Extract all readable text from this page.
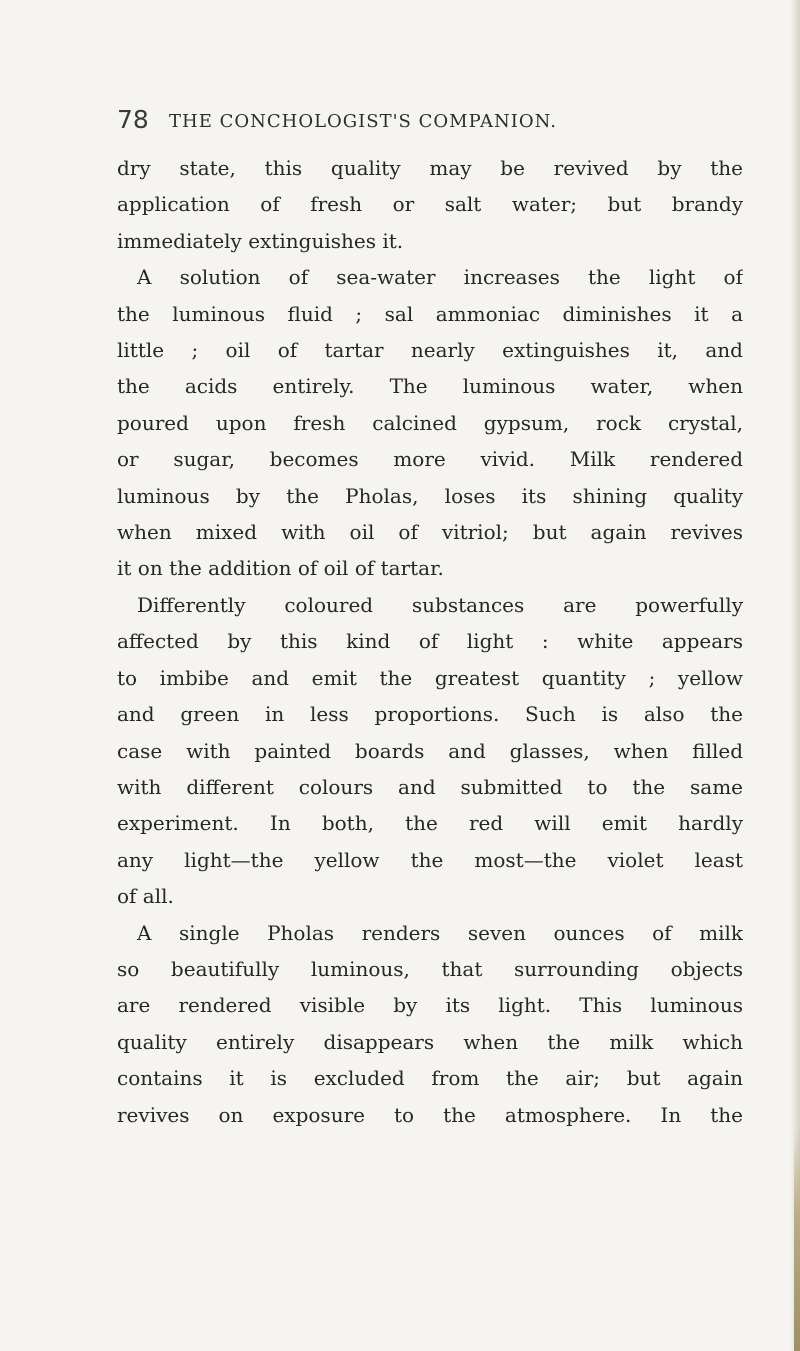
78 THE CONCHOLOGIST'S COMPANION.
dry state, this quality may be revived by the
application of fresh or salt water; but brandy
immediately extinguishes it.
A solution of sea-water increases the light of
the luminous fluid ; sal ammoniac diminishes it a
little ; oil of tartar nearly extinguishes it, and
the acids entirely. The luminous water, when
poured upon fresh calcined gypsum, rock crystal,
or sugar, becomes more vivid. Milk rendered
luminous by the Pholas, loses its shining quality
when mixed with oil of vitriol; but again revives
it on the addition of oil of tartar.
Differently coloured substances are powerfully
affected by this kind of light : white appears
to imbibe and emit the greatest quantity ; yellow
and green in less proportions. Such is also the
case with painted boards and glasses, when filled
with different colours and submitted to the same
experiment. In both, the red will emit hardly
any light—the yellow the most—the violet least
of all.
A single Pholas renders seven ounces of milk
so beautifully luminous, that surrounding objects
are rendered visible by its light. This luminous
quality entirely disappears when the milk which
contains it is excluded from the air; but again
revives on exposure to the atmosphere. In the
